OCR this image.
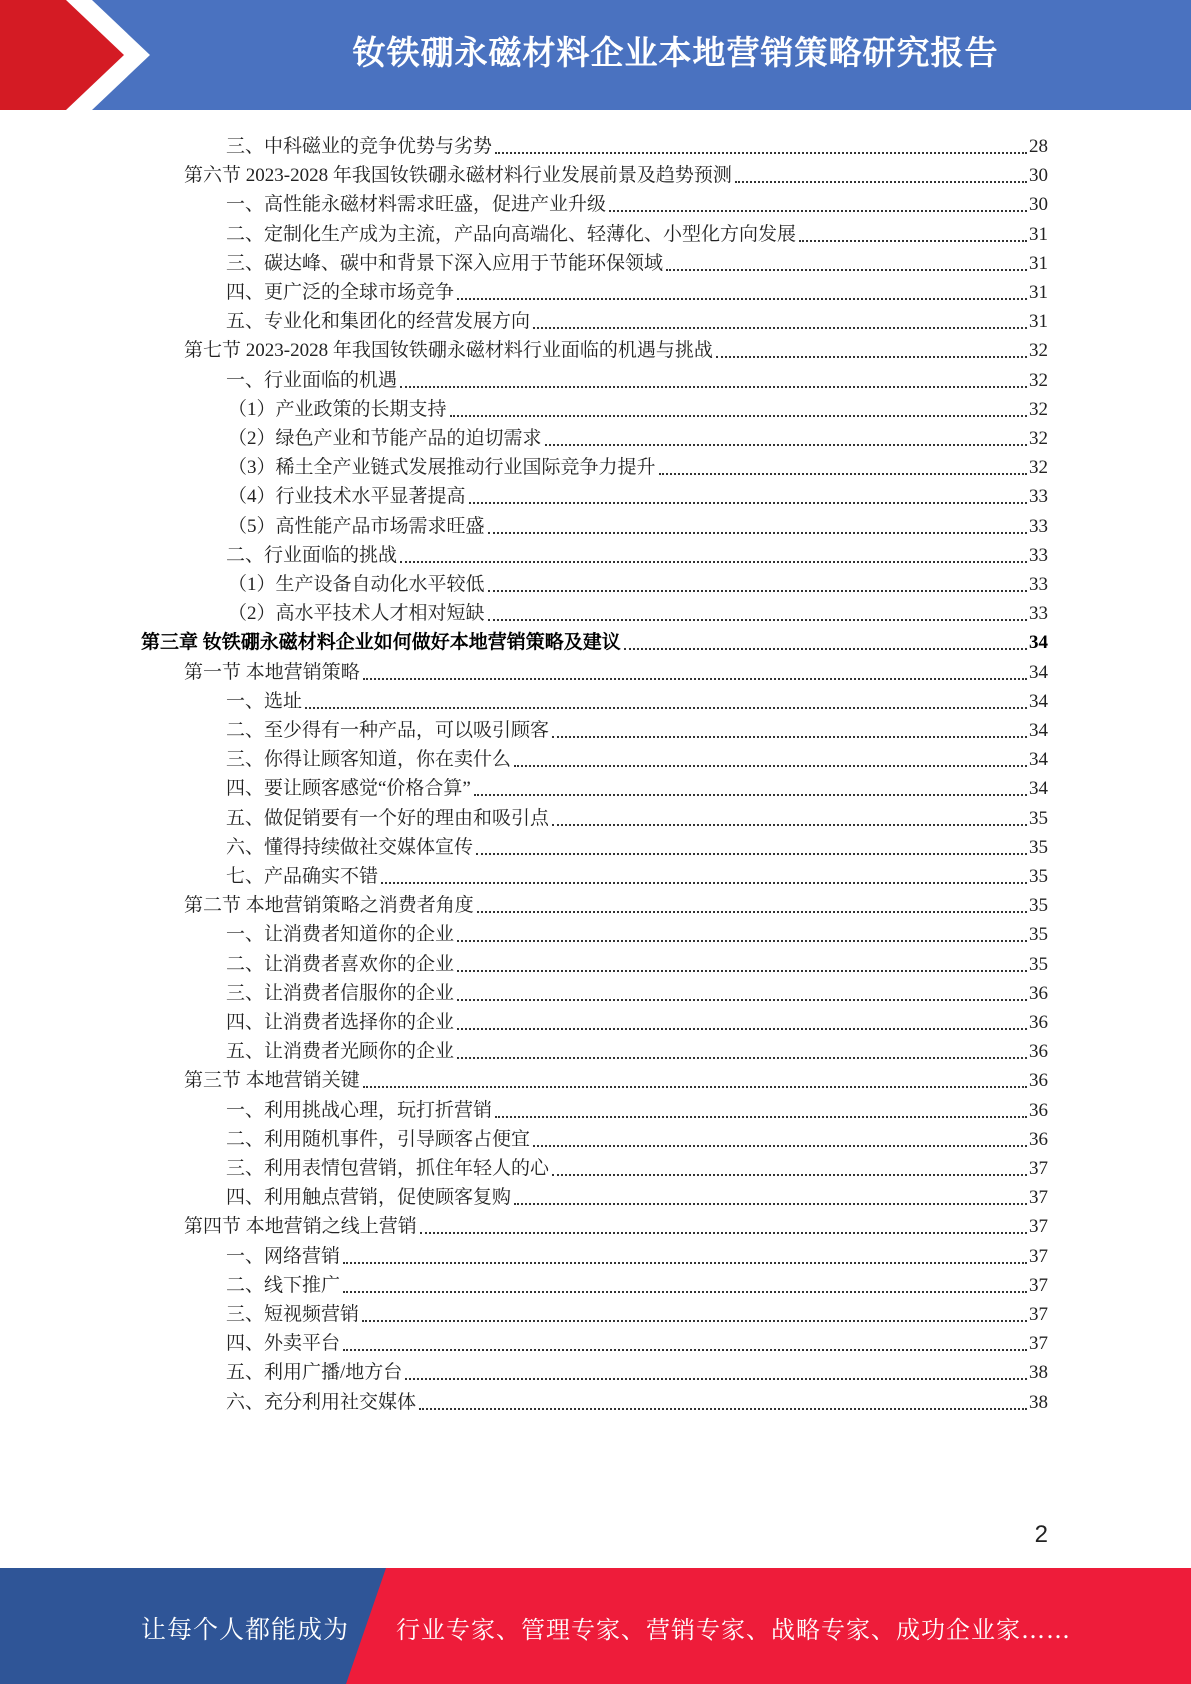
钕铁硼永磁材料企业本地营销策略研究报告
三、中科磁业的竞争优势与劣势	28
第六节 2023-2028 年我国钕铁硼永磁材料行业发展前景及趋势预测	30
一、高性能永磁材料需求旺盛，促进产业升级	30
二、定制化生产成为主流，产品向高端化、轻薄化、小型化方向发展	31
三、碳达峰、碳中和背景下深入应用于节能环保领域	31
四、更广泛的全球市场竞争	31
五、专业化和集团化的经营发展方向	31
第七节 2023-2028 年我国钕铁硼永磁材料行业面临的机遇与挑战	32
一、行业面临的机遇	32
（1）产业政策的长期支持	32
（2）绿色产业和节能产品的迫切需求	32
（3）稀土全产业链式发展推动行业国际竞争力提升	32
（4）行业技术水平显著提高	33
（5）高性能产品市场需求旺盛	33
二、行业面临的挑战	33
（1）生产设备自动化水平较低	33
（2）高水平技术人才相对短缺	33
第三章 钕铁硼永磁材料企业如何做好本地营销策略及建议	34
第一节 本地营销策略	34
一、选址	34
二、至少得有一种产品，可以吸引顾客	34
三、你得让顾客知道，你在卖什么	34
四、要让顾客感觉“价格合算”	34
五、做促销要有一个好的理由和吸引点	35
六、懂得持续做社交媒体宣传	35
七、产品确实不错	35
第二节 本地营销策略之消费者角度	35
一、让消费者知道你的企业	35
二、让消费者喜欢你的企业	35
三、让消费者信服你的企业	36
四、让消费者选择你的企业	36
五、让消费者光顾你的企业	36
第三节 本地营销关键	36
一、利用挑战心理，玩打折营销	36
二、利用随机事件，引导顾客占便宜	36
三、利用表情包营销，抓住年轻人的心	37
四、利用触点营销，促使顾客复购	37
第四节 本地营销之线上营销	37
一、网络营销	37
二、线下推广	37
三、短视频营销	37
四、外卖平台	37
五、利用广播/地方台	38
六、充分利用社交媒体	38
2
让每个人都能成为 行业专家、管理专家、营销专家、战略专家、成功企业家……
